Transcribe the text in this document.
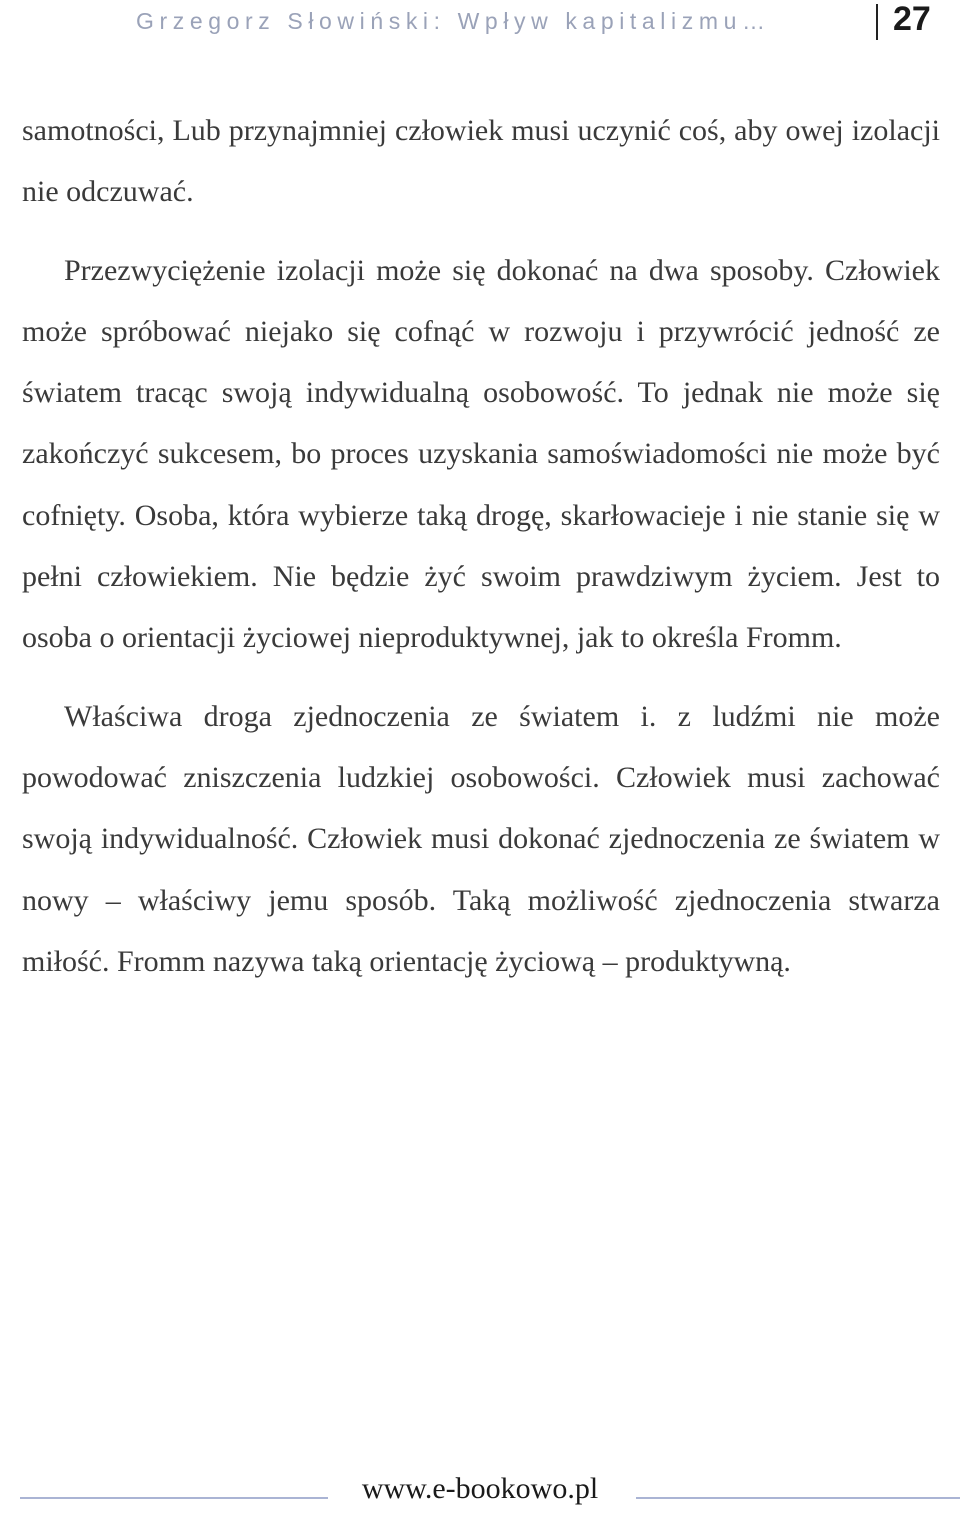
Grzegorz Słowiński: Wpływ kapitalizmu…	27

samotności, Lub przynajmniej człowiek musi uczynić coś, aby owej izolacji nie odczuwać.

Przezwyciężenie izolacji może się dokonać na dwa sposoby. Człowiek może spróbować niejako się cofnąć w rozwoju i przywrócić jedność ze światem tracąc swoją indywidualną osobowość. To jednak nie może się zakończyć sukcesem, bo proces uzyskania samoświadomości nie może być cofnięty. Osoba, która wybierze taką drogę, skarłowacieje i nie stanie się w pełni człowiekiem. Nie będzie żyć swoim prawdziwym życiem. Jest to osoba o orientacji życiowej nieproduktywnej, jak to określa Fromm.

Właściwa droga zjednoczenia ze światem i. z ludźmi nie może powodować zniszczenia ludzkiej osobowości. Człowiek musi zachować swoją indywidualność. Człowiek musi dokonać zjednoczenia ze światem w nowy – właściwy jemu sposób. Taką możliwość zjednoczenia stwarza miłość. Fromm nazywa taką orientację życiową – produktywną.

www.e-bookowo.pl
